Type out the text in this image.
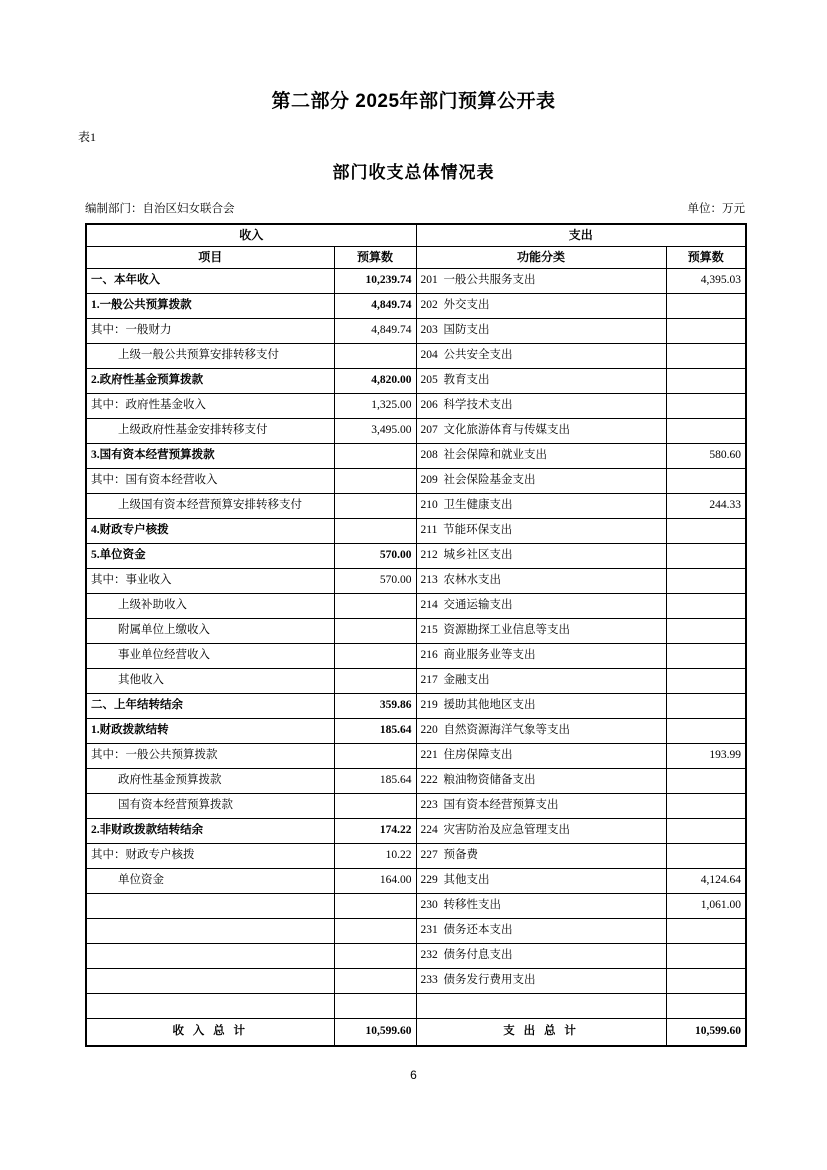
第二部分 2025年部门预算公开表
表1
部门收支总体情况表
编制部门：自治区妇女联合会	单位：万元
收入		支出	
项目	预算数	功能分类	预算数
一、本年收入	10,239.74	201  一般公共服务支出	4,395.03
1.一般公共预算拨款	4,849.74	202  外交支出	
其中：一般财力	4,849.74	203  国防支出	
上级一般公共预算安排转移支付		204  公共安全支出	
2.政府性基金预算拨款	4,820.00	205  教育支出	
其中：政府性基金收入	1,325.00	206  科学技术支出	
上级政府性基金安排转移支付	3,495.00	207  文化旅游体育与传媒支出	
3.国有资本经营预算拨款		208  社会保障和就业支出	580.60
其中：国有资本经营收入		209  社会保险基金支出	
上级国有资本经营预算安排转移支付		210  卫生健康支出	244.33
4.财政专户核拨		211  节能环保支出	
5.单位资金	570.00	212  城乡社区支出	
其中：事业收入	570.00	213  农林水支出	
上级补助收入		214  交通运输支出	
附属单位上缴收入		215  资源勘探工业信息等支出	
事业单位经营收入		216  商业服务业等支出	
其他收入		217  金融支出	
二、上年结转结余	359.86	219  援助其他地区支出	
1.财政拨款结转	185.64	220  自然资源海洋气象等支出	
其中：一般公共预算拨款		221  住房保障支出	193.99
政府性基金预算拨款	185.64	222  粮油物资储备支出	
国有资本经营预算拨款		223  国有资本经营预算支出	
2.非财政拨款结转结余	174.22	224  灾害防治及应急管理支出	
其中：财政专户核拨	10.22	227  预备费	
单位资金	164.00	229  其他支出	4,124.64
		230  转移性支出	1,061.00
		231  债务还本支出	
		232  债务付息支出	
		233  债务发行费用支出	

收 入 总 计	10,599.60	支 出 总 计	10,599.60
6
